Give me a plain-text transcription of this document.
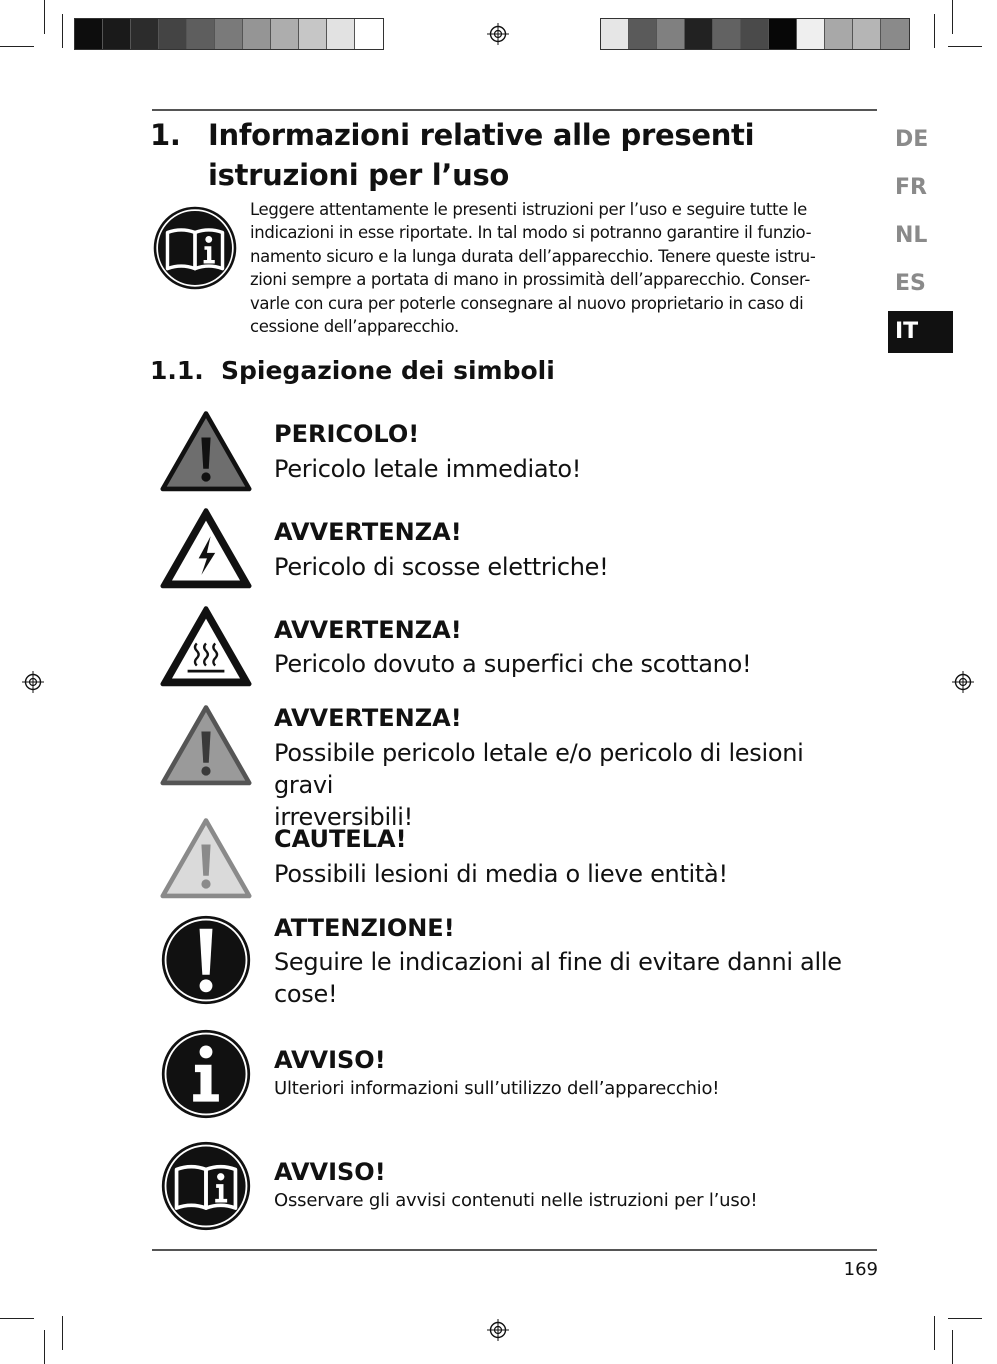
1. Informazioni relative alle presenti
istruzioni per l’uso
Leggere attentamente le presenti istruzioni per l’uso e seguire tutte le
indicazioni in esse riportate. In tal modo si potranno garantire il funzio-
namento sicuro e la lunga durata dell’apparecchio. Tenere queste istru-
zioni sempre a portata di mano in prossimità dell’apparecchio. Conser-
varle con cura per poterle consegnare al nuovo proprietario in caso di
cessione dell’apparecchio.
1.1. Spiegazione dei simboli
DE
FR
NL
ES
IT
PERICOLO!
Pericolo letale immediato!
AVVERTENZA!
Pericolo di scosse elettriche!
AVVERTENZA!
Pericolo dovuto a superfici che scottano!
AVVERTENZA!
Possibile pericolo letale e/o pericolo di lesioni gravi
irreversibili!
CAUTELA!
Possibili lesioni di media o lieve entità!
ATTENZIONE!
Seguire le indicazioni al fine di evitare danni alle
cose!
AVVISO!
Ulteriori informazioni sull’utilizzo dell’apparecchio!
AVVISO!
Osservare gli avvisi contenuti nelle istruzioni per l’uso!
169
